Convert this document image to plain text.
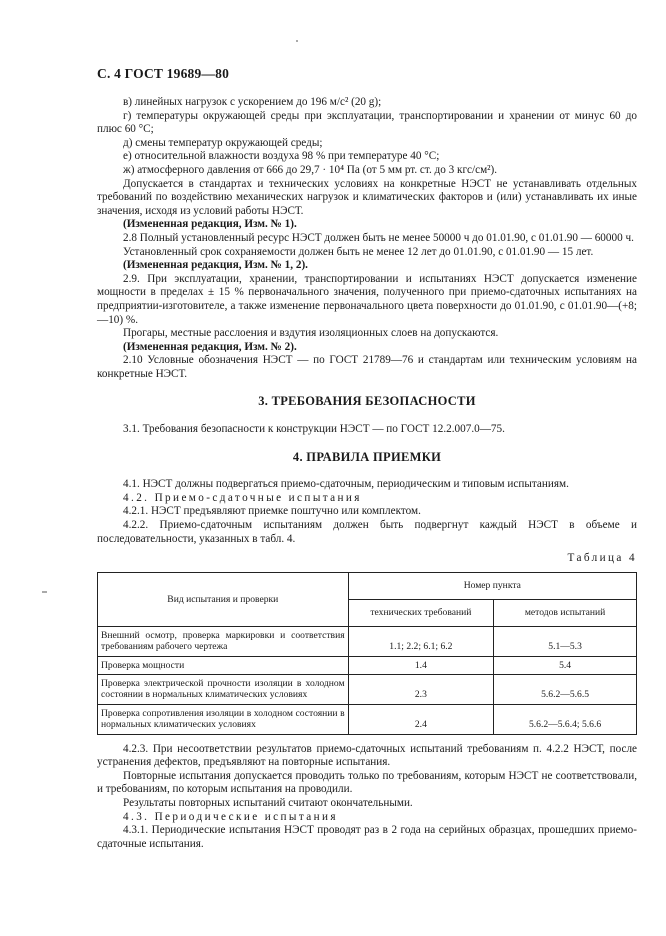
С. 4 ГОСТ 19689—80

в) линейных нагрузок с ускорением до 196 м/с² (20 g);

г) температуры окружающей среды при эксплуатации, транспортировании и хранении от минус 60 до плюс 60 °С;

д) смены температур окружающей среды;

е) относительной влажности воздуха 98 % при температуре 40 °С;

ж) атмосферного давления от 666 до 29,7 · 10⁴ Па (от 5 мм рт. ст. до 3 кгс/см²).

Допускается в стандартах и технических условиях на конкретные НЭСТ не устанавливать отдельных требований по воздействию механических нагрузок и климатических факторов и (или) устанавливать их иные значения, исходя из условий работы НЭСТ.

(Измененная редакция, Изм. № 1).

2.8 Полный установленный ресурс НЭСТ должен быть не менее 50000 ч до 01.01.90, с 01.01.90 — 60000 ч.

Установленный срок сохраняемости должен быть не менее 12 лет до 01.01.90, с 01.01.90 — 15 лет.

(Измененная редакция, Изм. № 1, 2).

2.9. При эксплуатации, хранении, транспортировании и испытаниях НЭСТ допускается изменение мощности в пределах ± 15 % первоначального значения, полученного при приемо-сдаточных испытаниях на предприятии-изготовителе, а также изменение первоначального цвета поверхности до 01.01.90, с 01.01.90—(+8; —10) %.

Прогары, местные расслоения и вздутия изоляционных слоев на допускаются.

(Измененная редакция, Изм. № 2).

2.10 Условные обозначения НЭСТ — по ГОСТ 21789—76 и стандартам или техническим условиям на конкретные НЭСТ.

3. ТРЕБОВАНИЯ БЕЗОПАСНОСТИ

3.1. Требования безопасности к конструкции НЭСТ — по ГОСТ 12.2.007.0—75.

4. ПРАВИЛА ПРИЕМКИ

4.1. НЭСТ должны подвергаться приемо-сдаточным, периодическим и типовым испытаниям.

4.2. Приемо-сдаточные испытания

4.2.1. НЭСТ предъявляют приемке поштучно или комплектом.

4.2.2. Приемо-сдаточным испытаниям должен быть подвергнут каждый НЭСТ в объеме и последовательности, указанных в табл. 4.

Таблица 4

Вид испытания и проверки	Номер пункта	
	технических требований	методов испытаний
Внешний осмотр, проверка маркировки и соответствия требованиям рабочего чертежа	1.1; 2.2; 6.1; 6.2	5.1—5.3
Проверка мощности	1.4	5.4
Проверка электрической прочности изоляции в холодном состоянии в нормальных климатических условиях	2.3	5.6.2—5.6.5
Проверка сопротивления изоляции в холодном состоянии в нормальных климатических условиях	2.4	5.6.2—5.6.4; 5.6.6

4.2.3. При несоответствии результатов приемо-сдаточных испытаний требованиям п. 4.2.2 НЭСТ, после устранения дефектов, предъявляют на повторные испытания.

Повторные испытания допускается проводить только по требованиям, которым НЭСТ не соответствовали, и требованиям, по которым испытания на проводили.

Результаты повторных испытаний считают окончательными.

4.3. Периодические испытания

4.3.1. Периодические испытания НЭСТ проводят раз в 2 года на серийных образцах, прошедших приемо-сдаточные испытания.
